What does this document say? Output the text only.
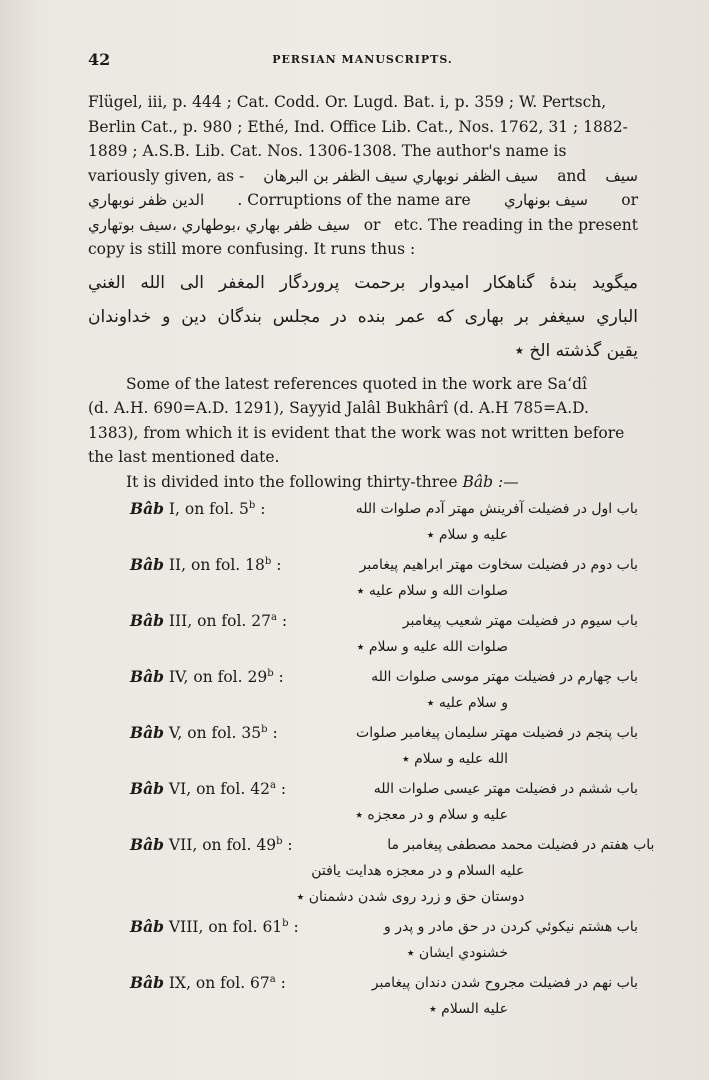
42	PERSIAN MANUSCRIPTS.
Flügel, iii, p. 444 ; Cat. Codd. Or. Lugd. Bat. i, p. 359 ; W. Pertsch,
Berlin Cat., p. 980 ; Ethé, Ind. Office Lib. Cat., Nos. 1762, 31 ; 1882-
1889 ; A.S.B. Lib. Cat. Nos. 1306-1308. The author's name is
variously given, as - سيف الظفر نوبهاري سيف الظفر بن البرهان and سيف
الدين ظفر نوبهاري . Corruptions of the name are سيف بونهاري or
سيف ظفر بهاري ،بوطهاري ،سيف بوتهاري or etc. The reading in the present
copy is still more confusing. It runs thus :
میگوید بندهٔ گناهکار امیدوار برحمت پروردگار المغفر الی الله الغني
الباري سيغفر بر بهاری که عمر بنده در مجلس بندگان دين و خداوندان
يقين گذشته الخ ٭
Some of the latest references quoted in the work are Sa‘dî
(d. A.H. 690=A.D. 1291), Sayyid Jalâl Bukhârî (d. A.H 785=A.D.
1383), from which it is evident that the work was not written before
the last mentioned date.
It is divided into the following thirty-three
Bâb :—
Bâb I, on fol. 5$^b$ :	باب اول در فضيلت آفرينش مهتر آدم صلوات الله
عليه و سلام ٭
Bâb II, on fol. 18$^b$ :	باب دوم در فضيلت سخاوت مهتر ابراهيم پيغامبر
صلوات الله و سلام عليه ٭
Bâb III, on fol. 27$^a$ :	باب سيوم در فضيلت مهتر شعيب پيغامبر
صلوات الله عليه و سلام ٭
Bâb IV, on fol. 29$^b$ :	باب چهارم در فضيلت مهتر موسى صلوات الله
و سلام عليه ٭
Bâb V, on fol. 35$^b$ :	باب پنجم در فضيلت مهتر سليمان پيغامبر صلوات
الله عليه و سلام ٭
Bâb VI, on fol. 42$^a$ :	باب ششم در فضيلت مهتر عيسى صلوات الله
عليه و سلام و در معجزه ٭
Bâb VII, on fol. 49$^b$ :	باب هفتم در فضيلت محمد مصطفى پيغامبر ما
عليه السلام و در معجزه هدايت يافتن
دوستان حق و زرد روی شدن دشمنان ٭
Bâb VIII, on fol. 61$^b$ :	باب هشتم نيکوئي کردن در حق مادر و پدر و
خشنودي ايشان ٭
Bâb IX, on fol. 67$^a$ :	باب نهم در فضيلت مجروح شدن دندان پيغامبر
عليه السلام ٭
